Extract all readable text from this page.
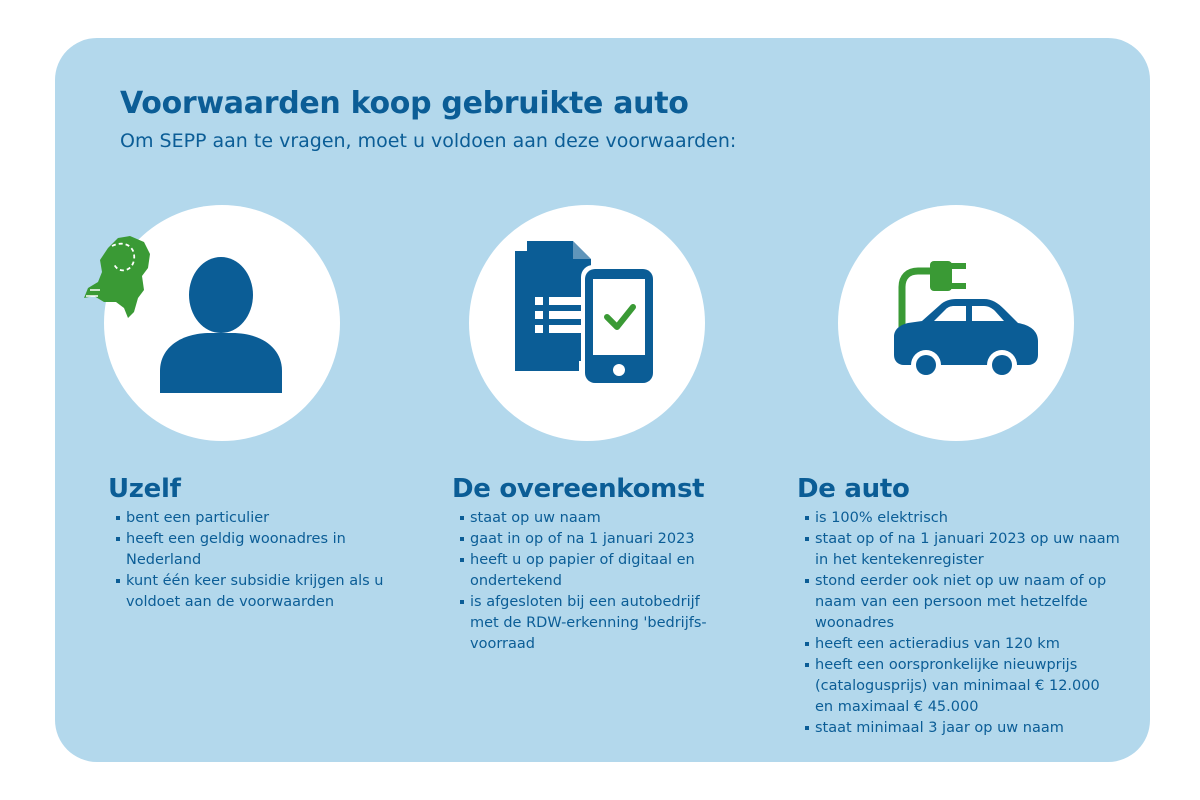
Voorwaarden koop gebruikte auto

Om SEPP aan te vragen, moet u voldoen aan deze voorwaarden:

Uzelf
bent een particulier
heeft een geldig woonadres in Nederland
kunt één keer subsidie krijgen als u voldoet aan de voorwaarden
De overeenkomst
staat op uw naam
gaat in op of na 1 januari 2023
heeft u op papier of digitaal en ondertekend
is afgesloten bij een autobedrijf met de RDW-erkenning 'bedrijfs-voorraad
De auto
is 100% elektrisch
staat op of na 1 januari 2023 op uw naam in het kentekenregister
stond eerder ook niet op uw naam of op naam van een persoon met hetzelfde woonadres
heeft een actieradius van 120 km
heeft een oorspronkelijke nieuwprijs (catalogusprijs) van minimaal € 12.000 en maximaal € 45.000
staat minimaal 3 jaar op uw naam
